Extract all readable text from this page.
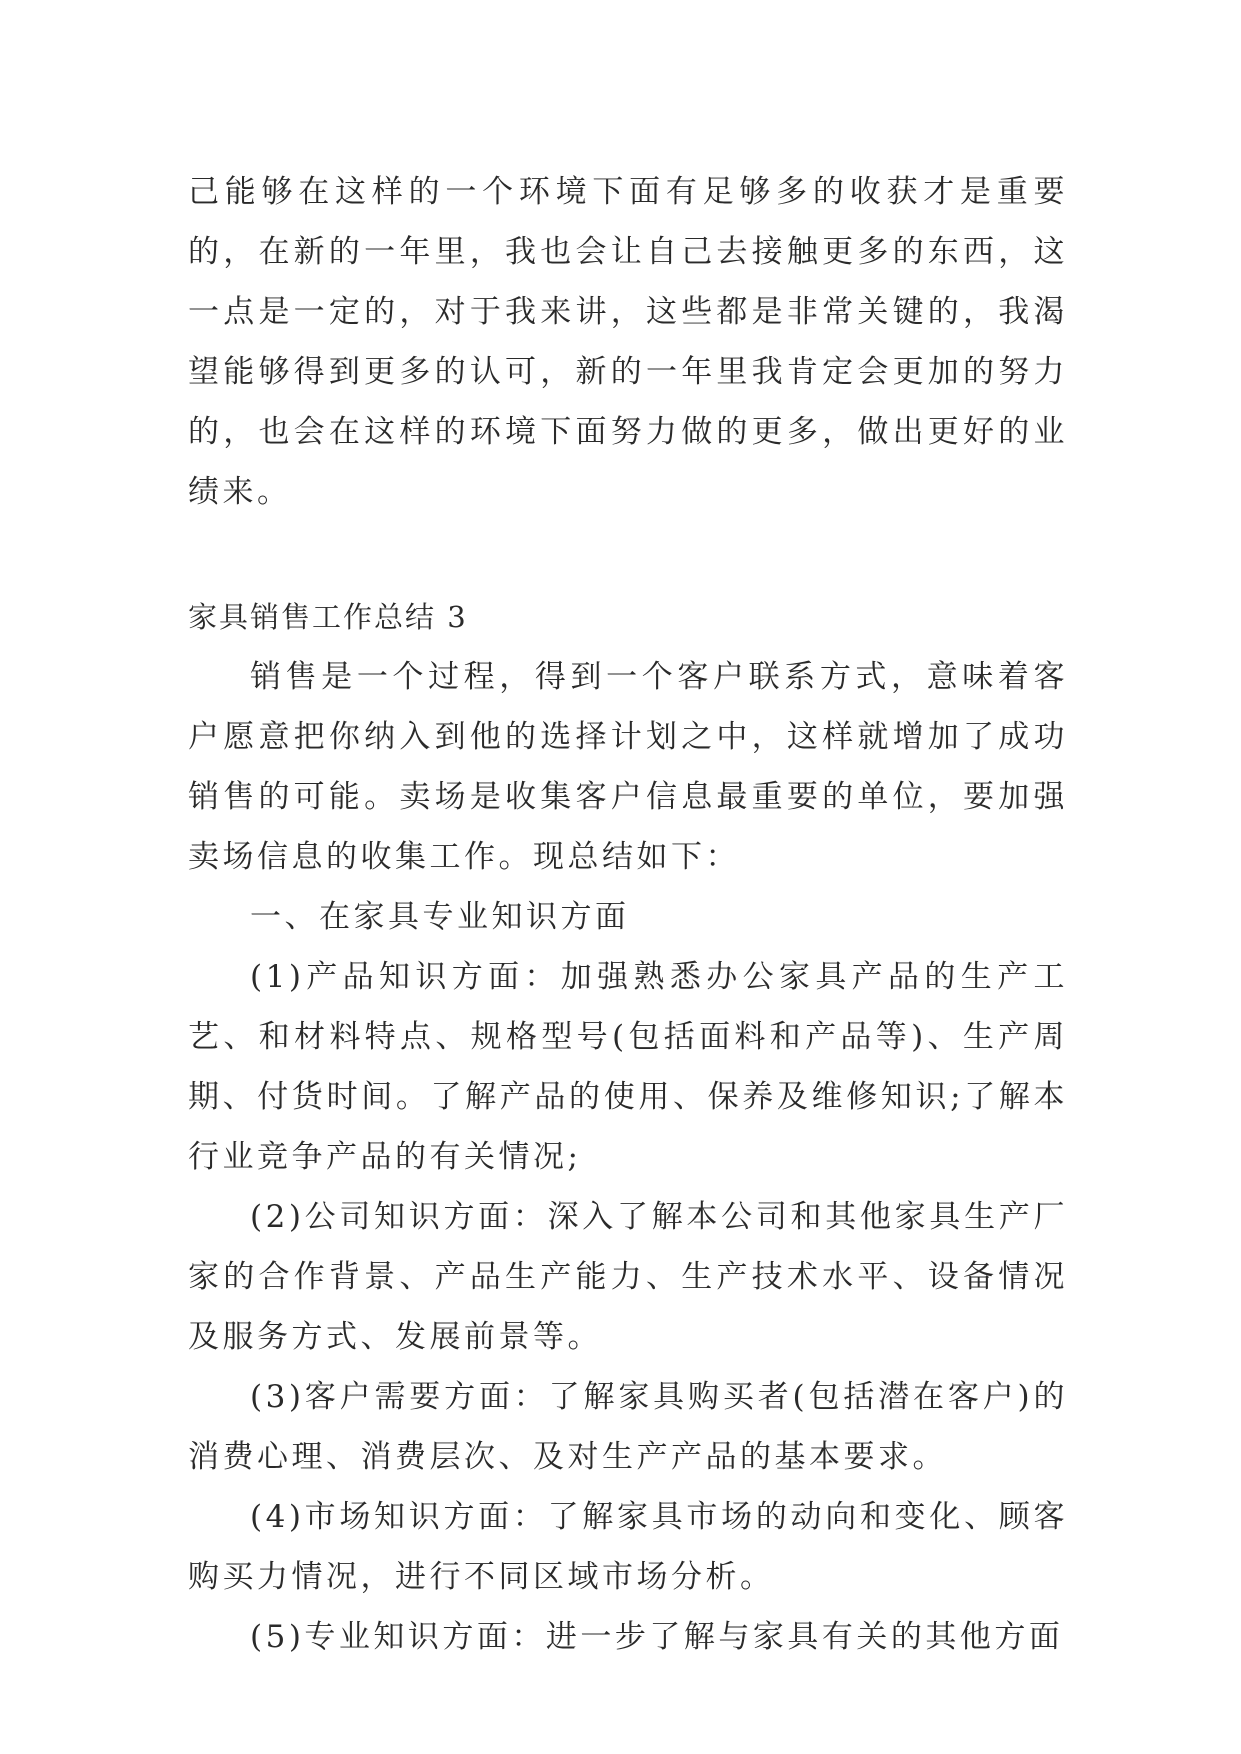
己能够在这样的一个环境下面有足够多的收获才是重要的，在新的一年里，我也会让自己去接触更多的东西，这一点是一定的，对于我来讲，这些都是非常关键的，我渴望能够得到更多的认可，新的一年里我肯定会更加的努力的，也会在这样的环境下面努力做的更多，做出更好的业绩来。

家具销售工作总结 3

销售是一个过程，得到一个客户联系方式，意味着客户愿意把你纳入到他的选择计划之中，这样就增加了成功销售的可能。卖场是收集客户信息最重要的单位，要加强卖场信息的收集工作。现总结如下：

一、在家具专业知识方面

(1)产品知识方面：加强熟悉办公家具产品的生产工艺、和材料特点、规格型号(包括面料和产品等)、生产周期、付货时间。了解产品的使用、保养及维修知识;了解本行业竞争产品的有关情况;

(2)公司知识方面：深入了解本公司和其他家具生产厂家的合作背景、产品生产能力、生产技术水平、设备情况及服务方式、发展前景等。

(3)客户需要方面：了解家具购买者(包括潜在客户)的消费心理、消费层次、及对生产产品的基本要求。

(4)市场知识方面：了解家具市场的动向和变化、顾客购买力情况，进行不同区域市场分析。

(5)专业知识方面：进一步了解与家具有关的其他方面
